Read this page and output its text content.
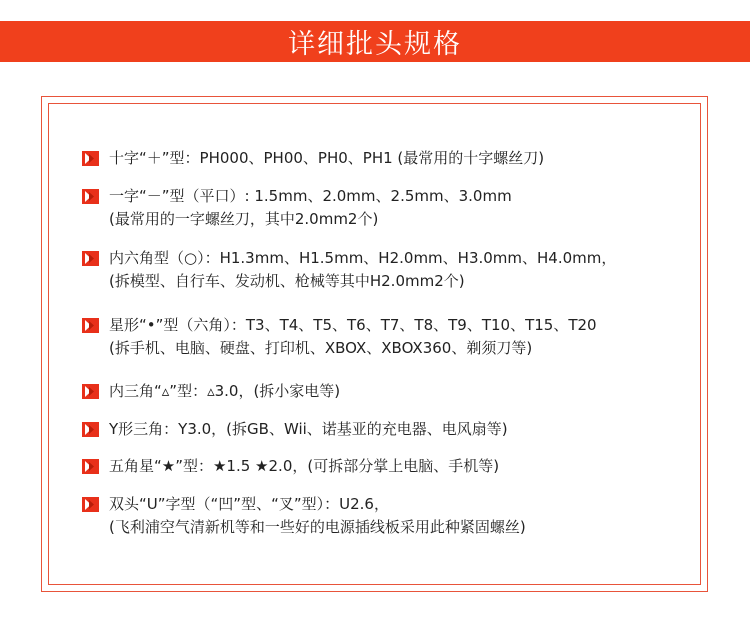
详细批头规格
十字“＋”型：PH000、PH00、PH0、PH1 (最常用的十字螺丝刀)
一字“－”型（平口）: 1.5mm、2.0mm、2.5mm、3.0mm
(最常用的一字螺丝刀，其中2.0mm2个)
内六角型（○）：H1.3mm、H1.5mm、H2.0mm、H3.0mm、H4.0mm，
(拆模型、自行车、发动机、枪械等其中H2.0mm2个)
星形“•”型（六角）：T3、T4、T5、T6、T7、T8、T9、T10、T15、T20
(拆手机、电脑、硬盘、打印机、XBOX、XBOX360、剃须刀等)
内三角“▵”型：▵3.0，(拆小家电等)
Y形三角：Y3.0，(拆GB、Wii、诺基亚的充电器、电风扇等)
五角星“★”型：★1.5 ★2.0，(可拆部分掌上电脑、手机等)
双头“U”字型（“凹”型、“叉”型）：U2.6，
(飞利浦空气清新机等和一些好的电源插线板采用此种紧固螺丝)
